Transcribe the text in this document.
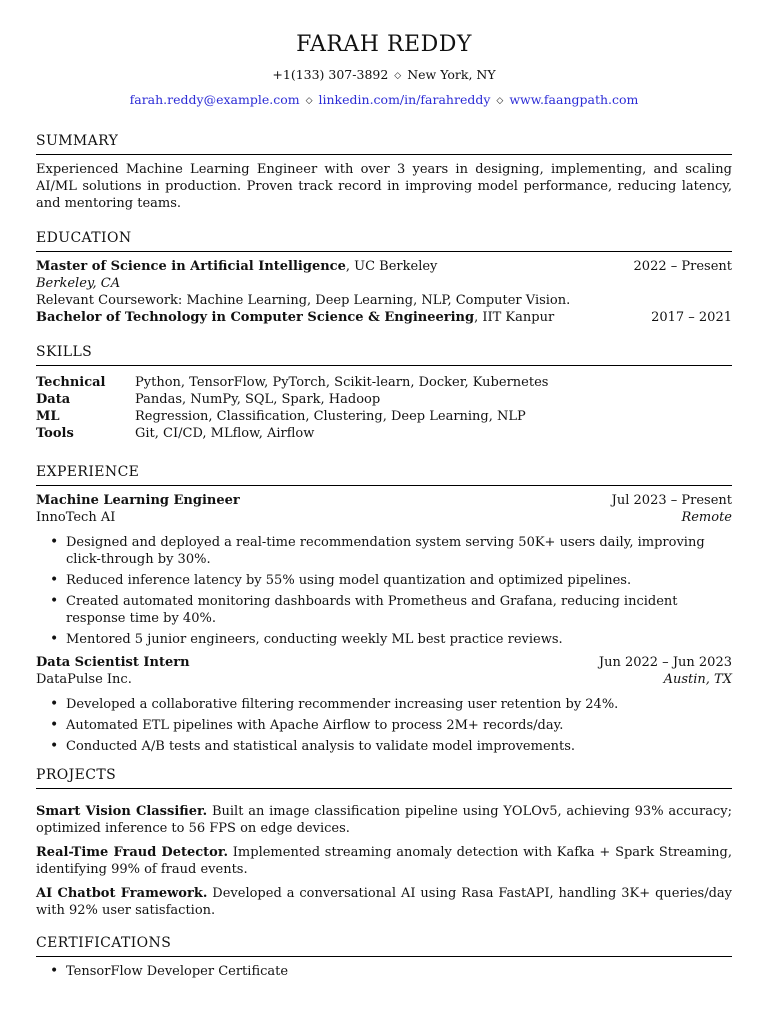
FARAH REDDY
+1(133) 307-3892 ◇ New York, NY
farah.reddy@example.com ◇ linkedin.com/in/farahreddy ◇ www.faangpath.com
SUMMARY

Experienced Machine Learning Engineer with over 3 years in designing, implementing, and scaling AI/ML solutions in production. Proven track record in improving model performance, reducing latency, and mentoring teams.

EDUCATION
Master of Science in Artificial Intelligence, UC Berkeley	2022 – Present
Berkeley, CA
Relevant Coursework: Machine Learning, Deep Learning, NLP, Computer Vision.
Bachelor of Technology in Computer Science & Engineering, IIT Kanpur	2017 – 2021
SKILLS
Technical	Python, TensorFlow, PyTorch, Scikit-learn, Docker, Kubernetes
Data	Pandas, NumPy, SQL, Spark, Hadoop
ML	Regression, Classification, Clustering, Deep Learning, NLP
Tools	Git, CI/CD, MLflow, Airflow
EXPERIENCE
Machine Learning Engineer	Jul 2023 – Present
InnoTech AI	Remote
• Designed and deployed a real-time recommendation system serving 50K+ users daily, improving click-through by 30%.
• Reduced inference latency by 55% using model quantization and optimized pipelines.
• Created automated monitoring dashboards with Prometheus and Grafana, reducing incident response time by 40%.
• Mentored 5 junior engineers, conducting weekly ML best practice reviews.
Data Scientist Intern	Jun 2022 – Jun 2023
DataPulse Inc.	Austin, TX
• Developed a collaborative filtering recommender increasing user retention by 24%.
• Automated ETL pipelines with Apache Airflow to process 2M+ records/day.
• Conducted A/B tests and statistical analysis to validate model improvements.
PROJECTS
Smart Vision Classifier. Built an image classification pipeline using YOLOv5, achieving 93% accuracy; optimized inference to 56 FPS on edge devices.
Real-Time Fraud Detector. Implemented streaming anomaly detection with Kafka + Spark Streaming, identifying 99% of fraud events.
AI Chatbot Framework. Developed a conversational AI using Rasa FastAPI, handling 3K+ queries/day with 92% user satisfaction.
CERTIFICATIONS
• TensorFlow Developer Certificate
